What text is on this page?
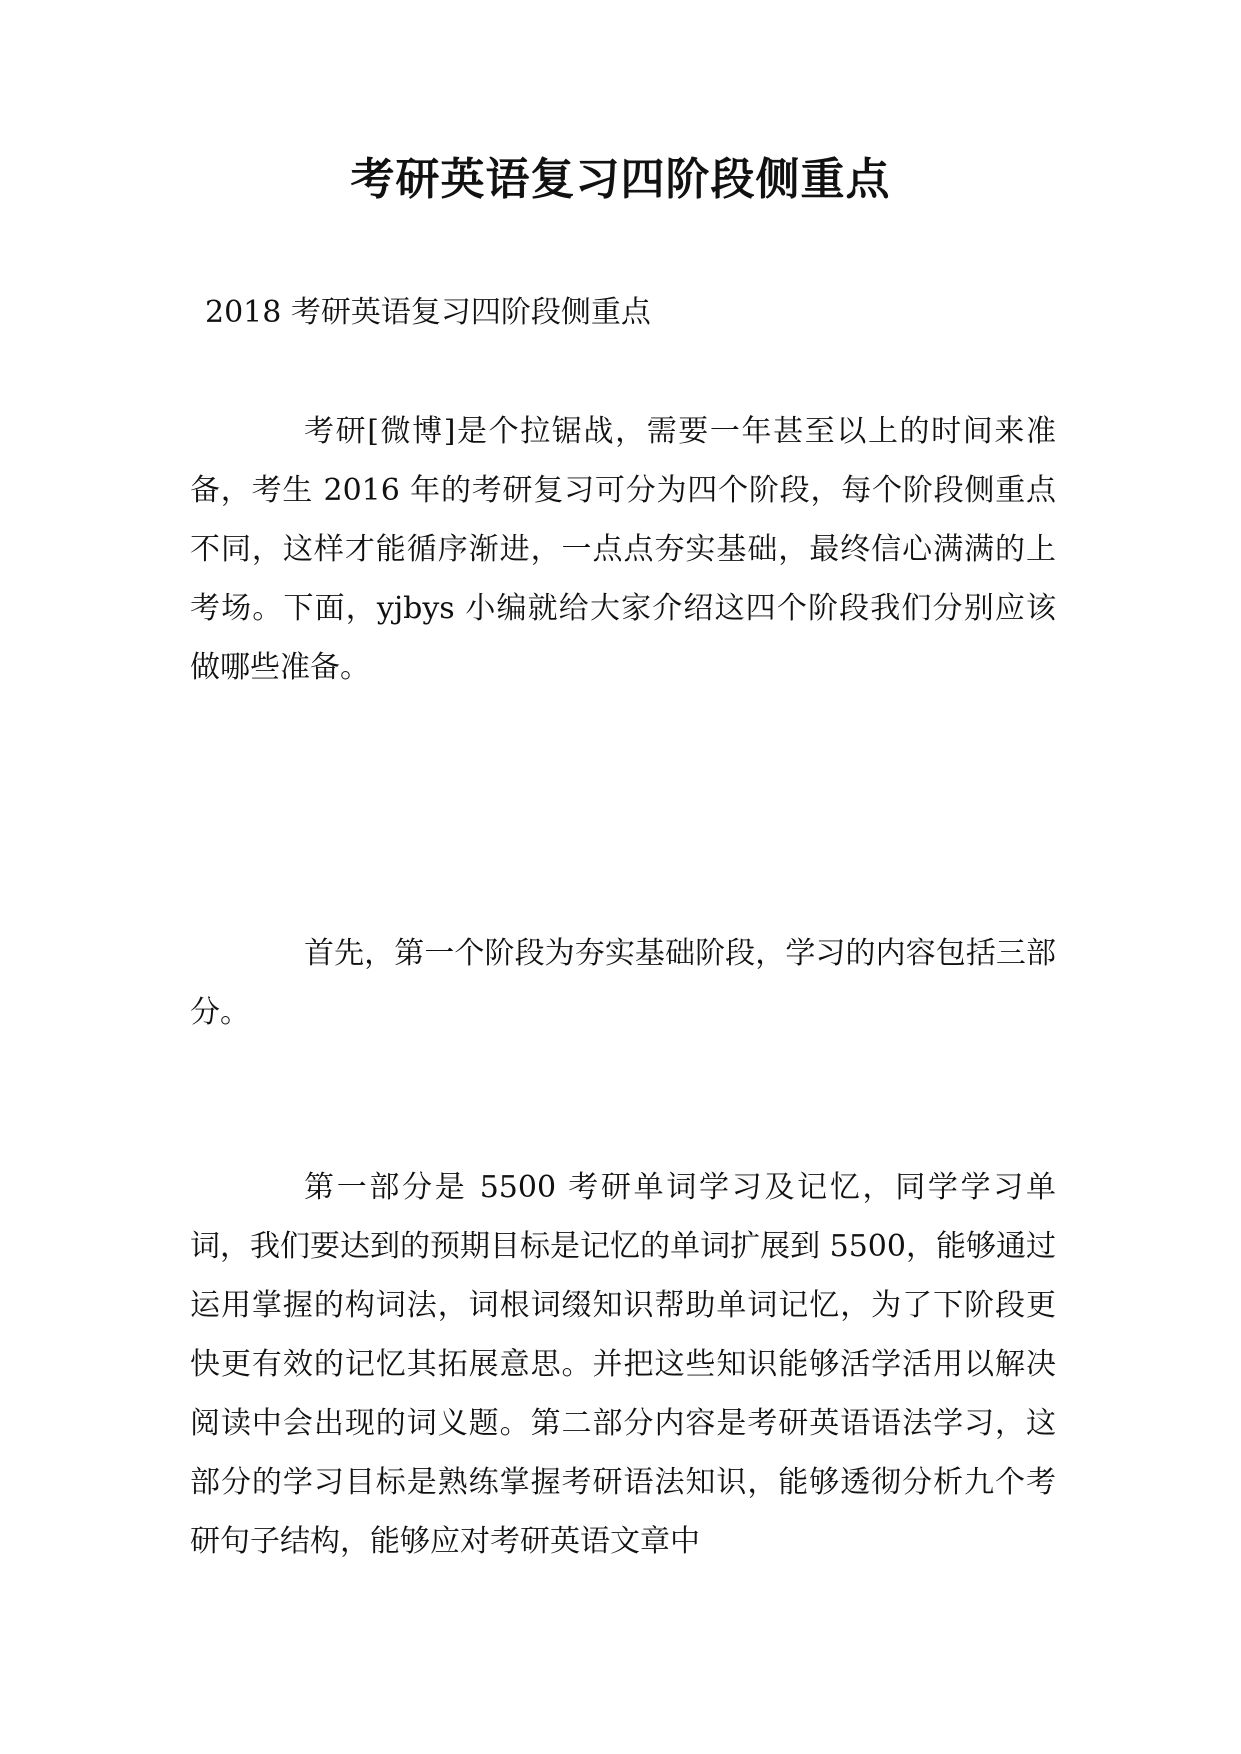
考研英语复习四阶段侧重点
2018 考研英语复习四阶段侧重点

考研[微博]是个拉锯战，需要一年甚至以上的时间来准备，考生 2016 年的考研复习可分为四个阶段，每个阶段侧重点不同，这样才能循序渐进，一点点夯实基础，最终信心满满的上考场。下面，yjbys 小编就给大家介绍这四个阶段我们分别应该做哪些准备。

首先，第一个阶段为夯实基础阶段，学习的内容包括三部分。

第一部分是 5500 考研单词学习及记忆，同学学习单词，我们要达到的预期目标是记忆的单词扩展到 5500，能够通过运用掌握的构词法，词根词缀知识帮助单词记忆，为了下阶段更快更有效的记忆其拓展意思。并把这些知识能够活学活用以解决阅读中会出现的词义题。第二部分内容是考研英语语法学习，这部分的学习目标是熟练掌握考研语法知识，能够透彻分析九个考研句子结构，能够应对考研英语文章中
